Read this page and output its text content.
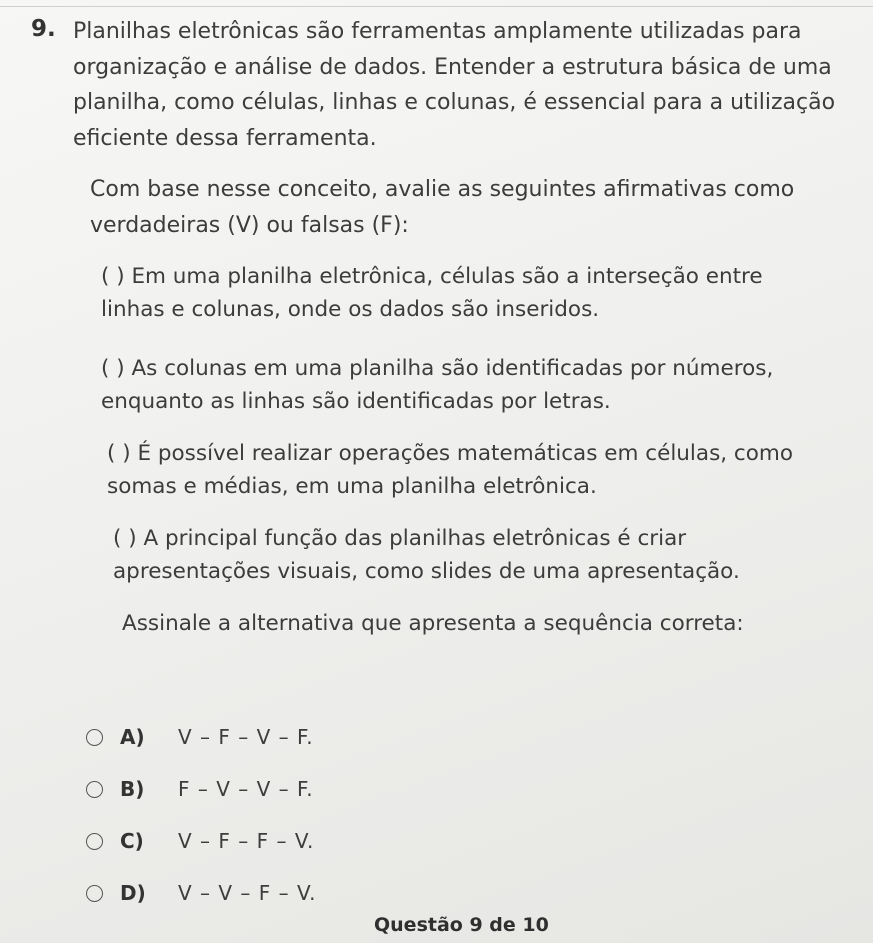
9. Planilhas eletrônicas são ferramentas amplamente utilizadas para organização e análise de dados. Entender a estrutura básica de uma planilha, como células, linhas e colunas, é essencial para a utilização eficiente dessa ferramenta.
Com base nesse conceito, avalie as seguintes afirmativas como verdadeiras (V) ou falsas (F):
( ) Em uma planilha eletrônica, células são a interseção entre linhas e colunas, onde os dados são inseridos.
( ) As colunas em uma planilha são identificadas por números, enquanto as linhas são identificadas por letras.
( ) É possível realizar operações matemáticas em células, como somas e médias, em uma planilha eletrônica.
( ) A principal função das planilhas eletrônicas é criar apresentações visuais, como slides de uma apresentação.
Assinale a alternativa que apresenta a sequência correta:
A)	V – F – V – F.
B)	F – V – V – F.
C)	V – F – F – V.
D)	V – V – F – V.
Questão 9 de 10
